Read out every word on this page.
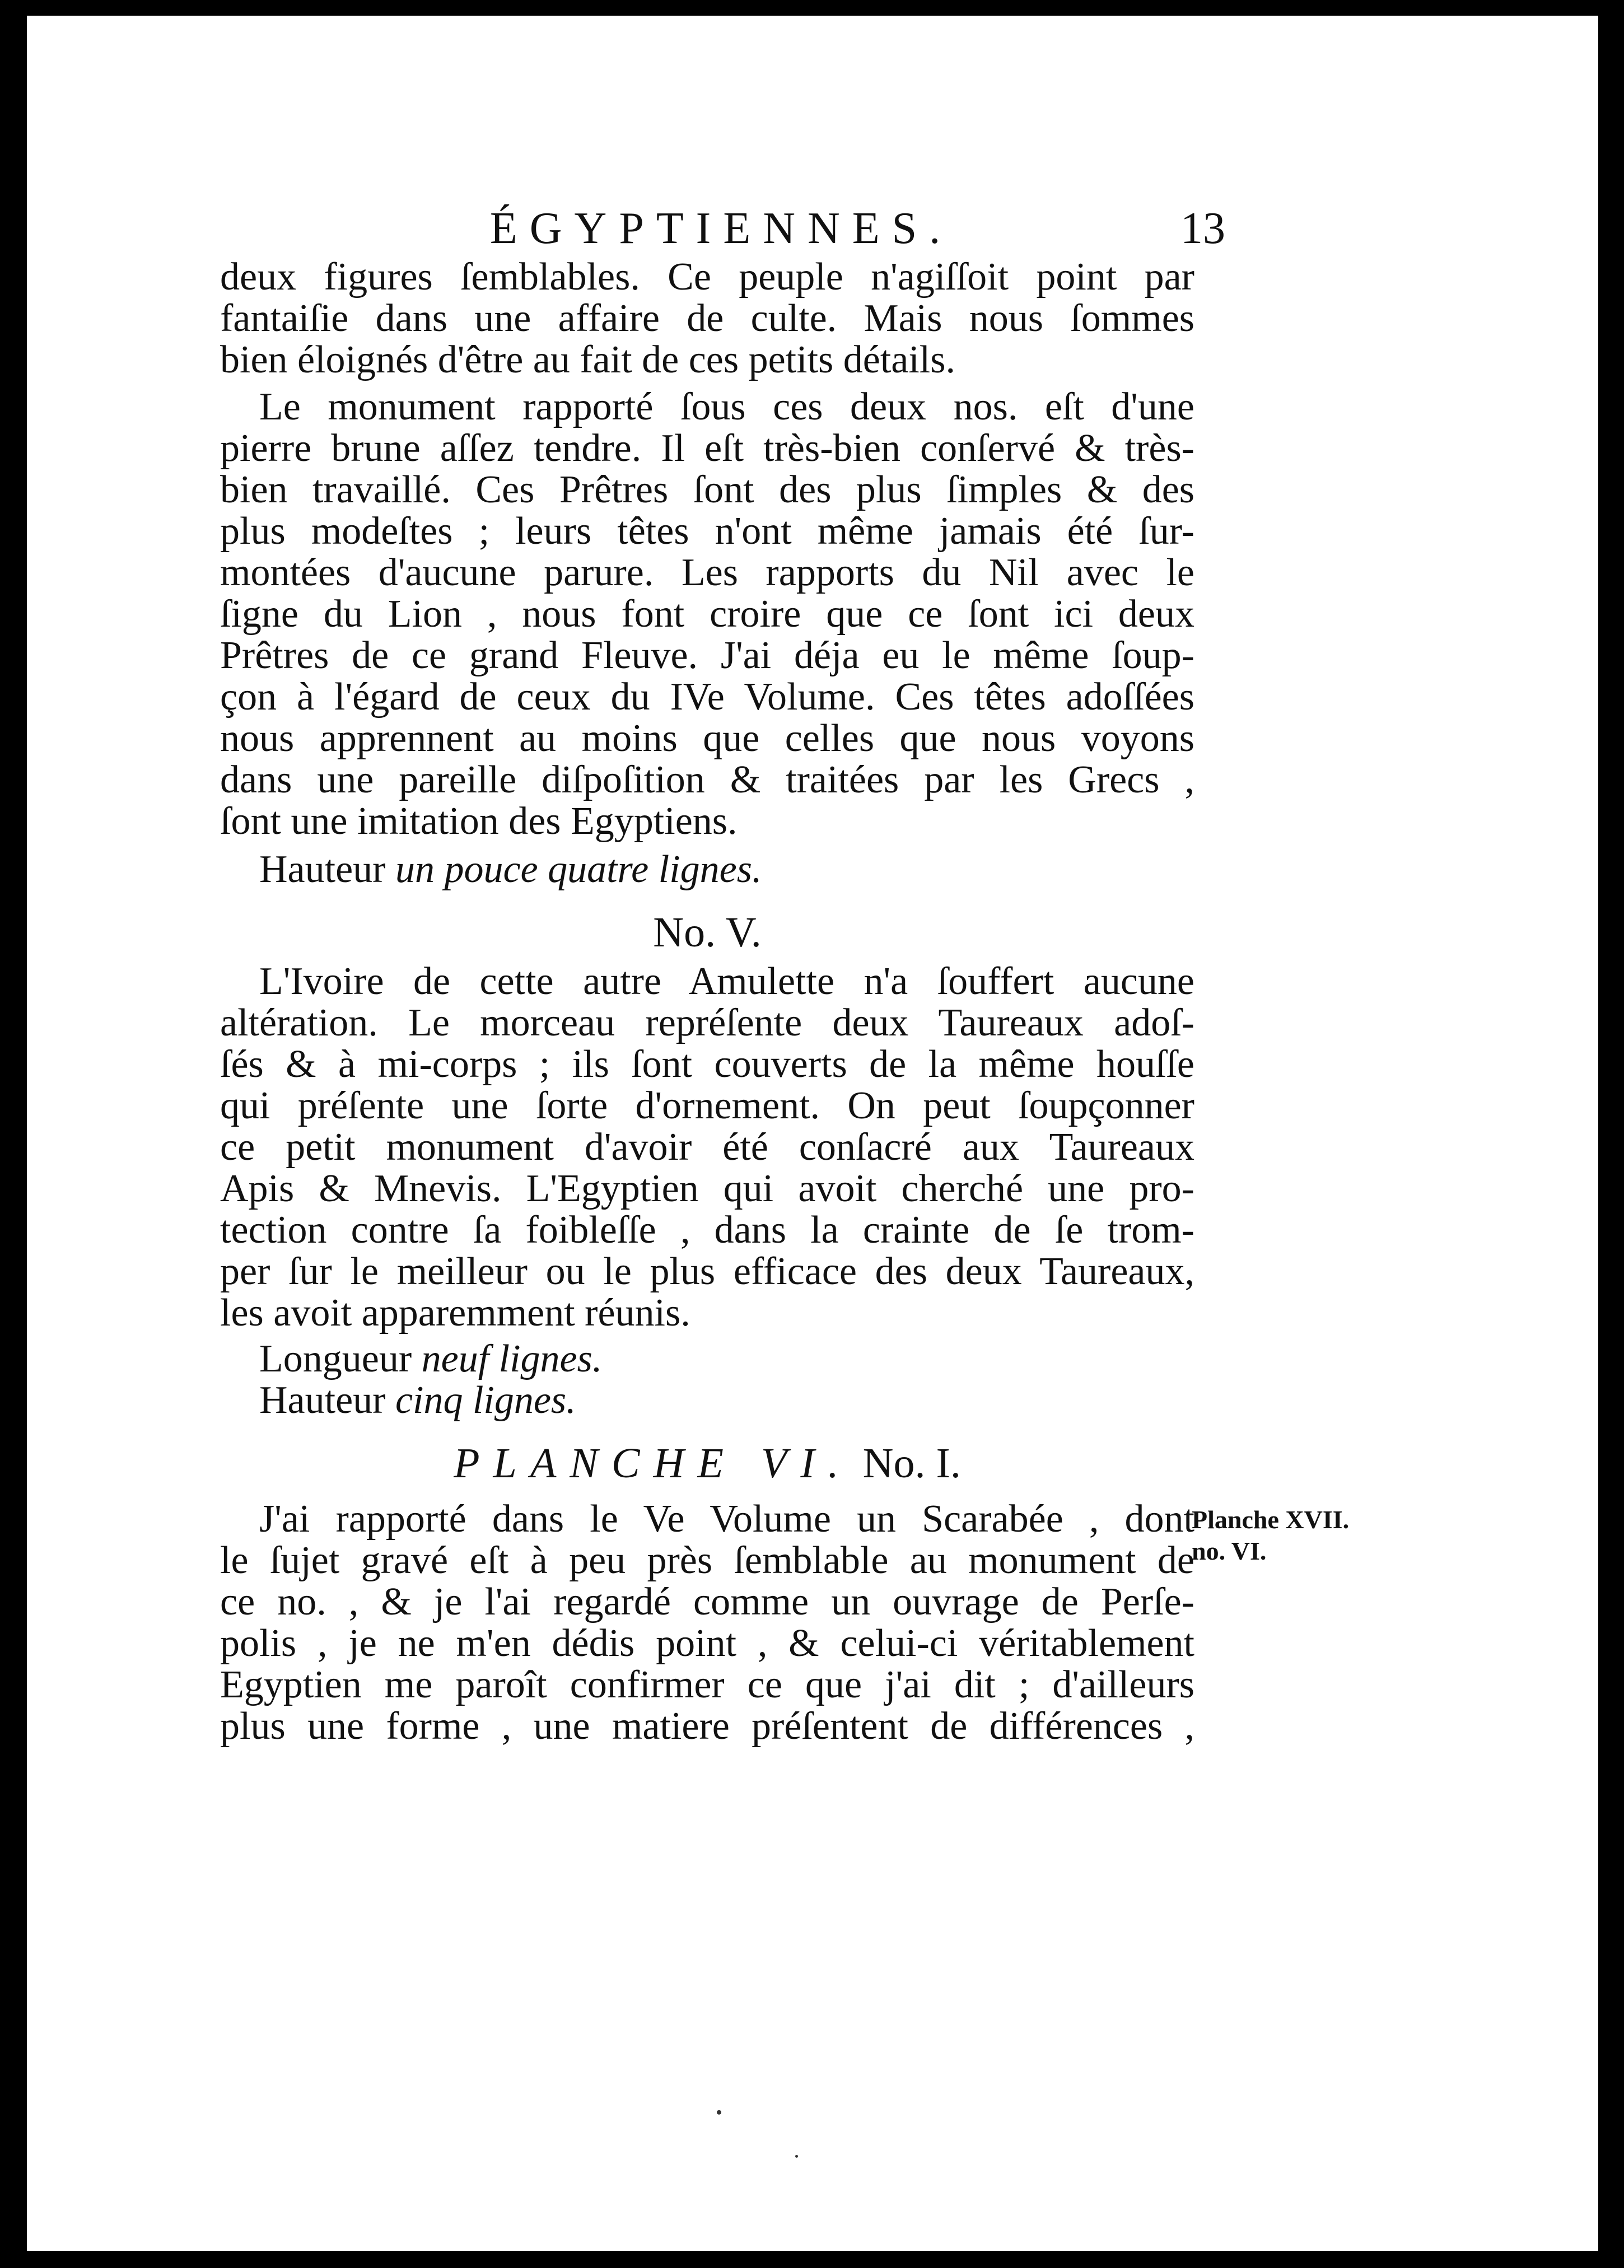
ÉGYPTIENNES.	13
deux figures ſemblables. Ce peuple n'agiſſoit point par
fantaiſie dans une affaire de culte. Mais nous ſommes
bien éloignés d'être au fait de ces petits détails.
Le monument rapporté ſous ces deux nos. eſt d'une
pierre brune aſſez tendre. Il eſt très-bien conſervé & très-
bien travaillé. Ces Prêtres ſont des plus ſimples & des
plus modeſtes ; leurs têtes n'ont même jamais été ſur-
montées d'aucune parure. Les rapports du Nil avec le
ſigne du Lion , nous font croire que ce ſont ici deux
Prêtres de ce grand Fleuve. J'ai déja eu le même ſoup-
çon à l'égard de ceux du IVe Volume. Ces têtes adoſſées
nous apprennent au moins que celles que nous voyons
dans une pareille diſpoſition & traitées par les Grecs ,
ſont une imitation des Egyptiens.
Hauteur un pouce quatre lignes.
No. V.
L'Ivoire de cette autre Amulette n'a ſouffert aucune
altération. Le morceau repréſente deux Taureaux adoſ-
ſés & à mi-corps ; ils ſont couverts de la même houſſe
qui préſente une ſorte d'ornement. On peut ſoupçonner
ce petit monument d'avoir été conſacré aux Taureaux
Apis & Mnevis. L'Egyptien qui avoit cherché une pro-
tection contre ſa foibleſſe , dans la crainte de ſe trom-
per ſur le meilleur ou le plus efficace des deux Taureaux,
les avoit apparemment réunis.
Longueur neuf lignes.
Hauteur cinq lignes.
PLANCHE VI. No. I.
J'ai rapporté dans le Ve Volume un Scarabée , dont
le ſujet gravé eſt à peu près ſemblable au monument de
ce no. , & je l'ai regardé comme un ouvrage de Perſe-
polis , je ne m'en dédis point , & celui-ci véritablement
Egyptien me paroît confirmer ce que j'ai dit ; d'ailleurs
plus une forme , une matiere préſentent de différences ,
Planche XVII.
no. VI.
